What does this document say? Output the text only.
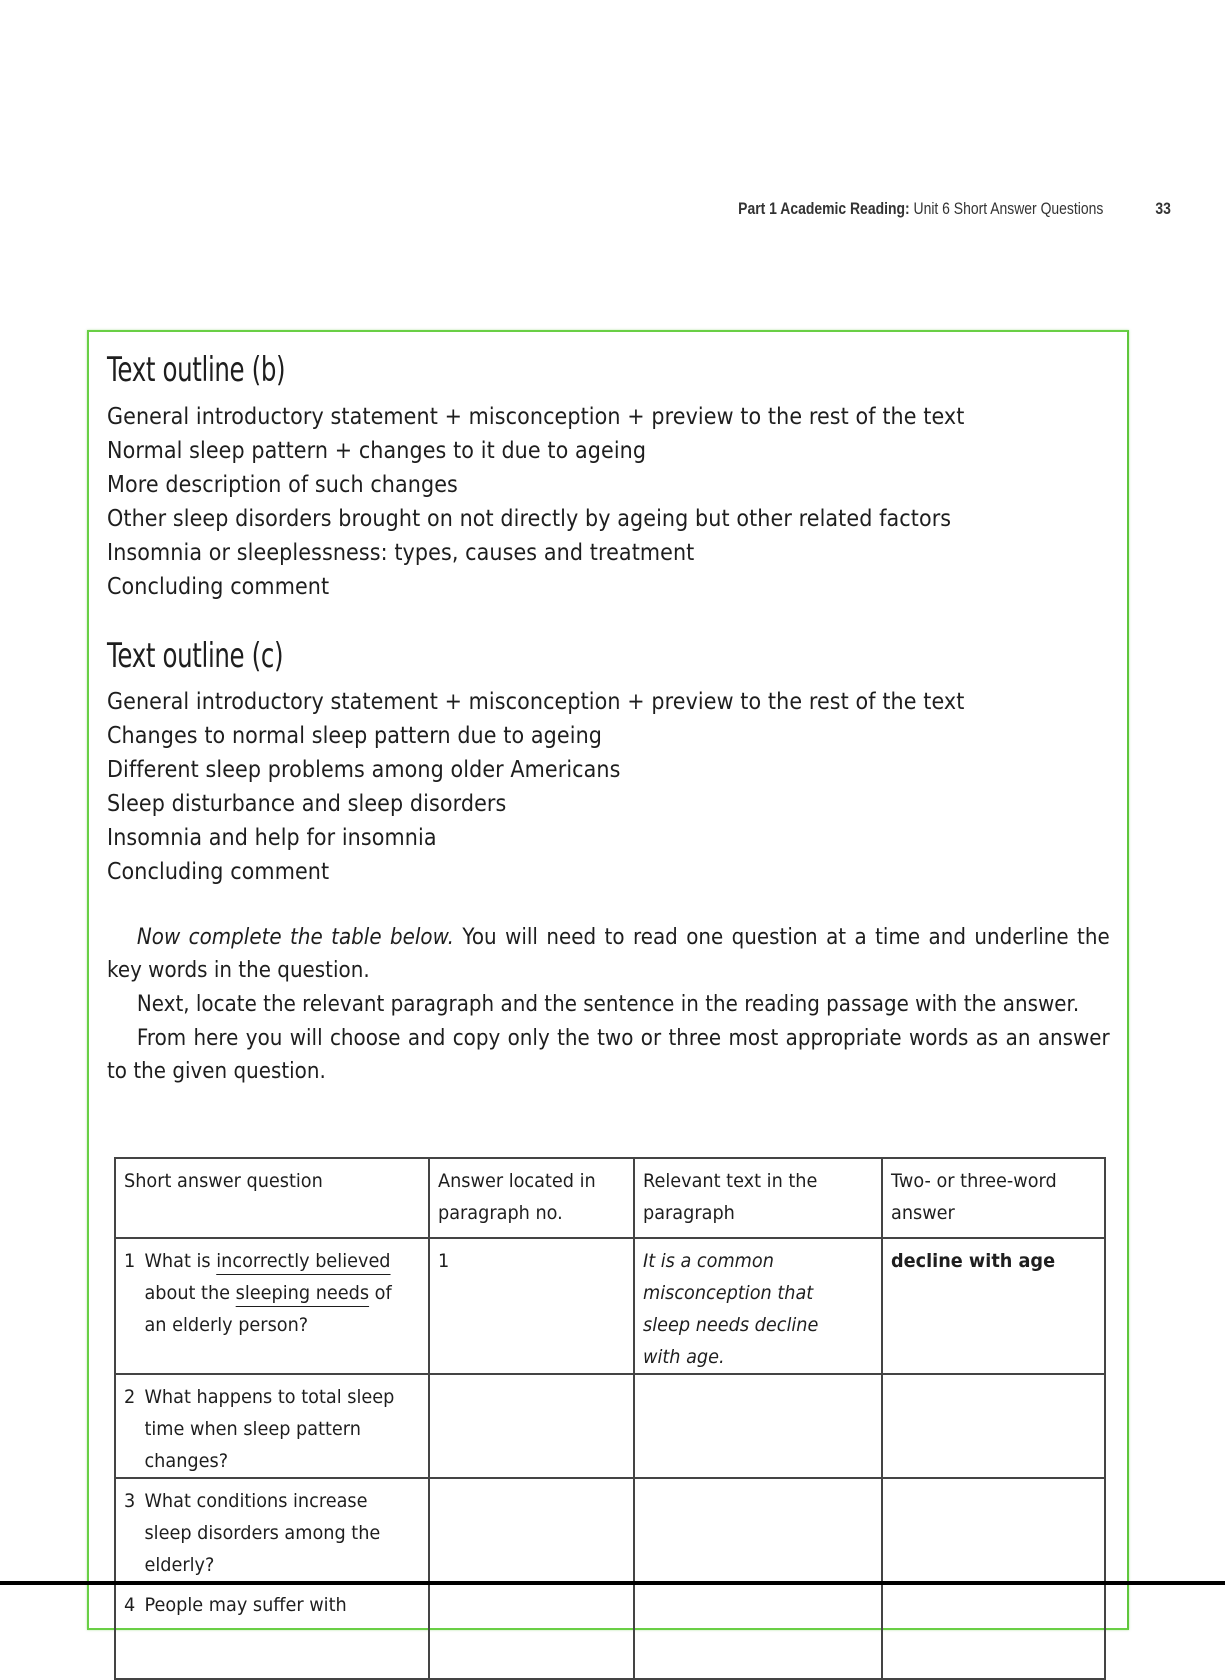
Part 1 Academic Reading: Unit 6 Short Answer Questions	33
Text outline (b)
General introductory statement + misconception + preview to the rest of the text
Normal sleep pattern + changes to it due to ageing
More description of such changes
Other sleep disorders brought on not directly by ageing but other related factors
Insomnia or sleeplessness: types, causes and treatment
Concluding comment
Text outline (c)
General introductory statement + misconception + preview to the rest of the text
Changes to normal sleep pattern due to ageing
Different sleep problems among older Americans
Sleep disturbance and sleep disorders
Insomnia and help for insomnia
Concluding comment

Now complete the table below. You will need to read one question at a time and underline the key words in the question.

Next, locate the relevant paragraph and the sentence in the reading passage with the answer.

From here you will choose and copy only the two or three most appropriate words as an answer to the given question.

Short answer question	Answer located in paragraph no.	Relevant text in the paragraph	Two- or three-word answer

1 What is incorrectly believed about the sleeping needs of an elderly person?	1	It is a common misconception that sleep needs decline with age.	decline with age

2 What happens to total sleep time when sleep pattern changes?			

3 What conditions increase sleep disorders among the elderly?			

4 People may suffer with			
